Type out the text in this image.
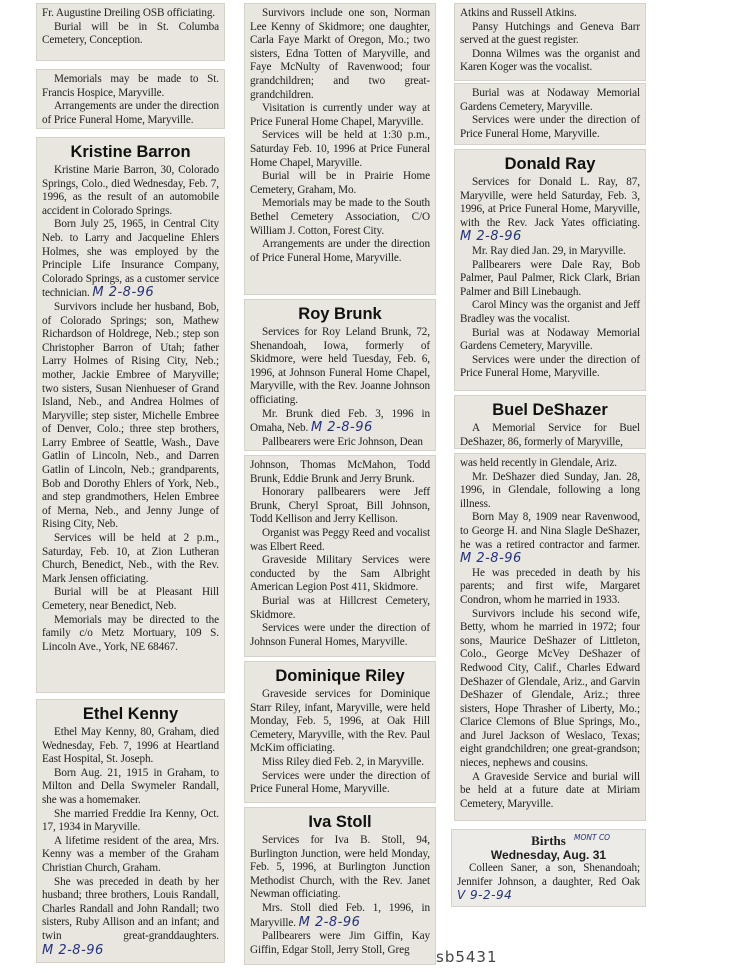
Fr. Augustine Dreiling OSB officiating.

Burial will be in St. Columba Cemetery, Conception.

Memorials may be made to St. Francis Hospice, Maryville.

Arrangements are under the direction of Price Funeral Home, Maryville.

Kristine Barron

Kristine Marie Barron, 30, Colorado Springs, Colo., died Wednesday, Feb. 7, 1996, as the result of an automobile accident in Colorado Springs.

Born July 25, 1965, in Central City Neb. to Larry and Jacqueline Ehlers Holmes, she was employed by the Principle Life Insurance Company, Colorado Springs, as a customer service technician. M 2-8-96

Survivors include her husband, Bob, of Colorado Springs; son, Mathew Richardson of Holdrege, Neb.; step son Christopher Barron of Utah; father Larry Holmes of Rising City, Neb.; mother, Jackie Embree of Maryville; two sisters, Susan Nienhueser of Grand Island, Neb., and Andrea Holmes of Maryville; step sister, Michelle Embree of Denver, Colo.; three step brothers, Larry Embree of Seattle, Wash., Dave Gatlin of Lincoln, Neb., and Darren Gatlin of Lincoln, Neb.; grandparents, Bob and Dorothy Ehlers of York, Neb., and step grandmothers, Helen Embree of Merna, Neb., and Jenny Junge of Rising City, Neb.

Services will be held at 2 p.m., Saturday, Feb. 10, at Zion Lutheran Church, Benedict, Neb., with the Rev. Mark Jensen officiating.

Burial will be at Pleasant Hill Cemetery, near Benedict, Neb.

Memorials may be directed to the family c/o Metz Mortuary, 109 S. Lincoln Ave., York, NE 68467.

Ethel Kenny

Ethel May Kenny, 80, Graham, died Wednesday, Feb. 7, 1996 at Heartland East Hospital, St. Joseph.

Born Aug. 21, 1915 in Graham, to Milton and Della Swymeler Randall, she was a homemaker.

She married Freddie Ira Kenny, Oct. 17, 1934 in Maryville.

A lifetime resident of the area, Mrs. Kenny was a member of the Graham Christian Church, Graham.

She was preceded in death by her husband; three brothers, Louis Randall, Charles Randall and John Randall; two sisters, Ruby Allison and an infant; and twin great-granddaughters. M 2-8-96

Survivors include one son, Norman Lee Kenny of Skidmore; one daughter, Carla Faye Markt of Oregon, Mo.; two sisters, Edna Totten of Maryville, and Faye McNulty of Ravenwood; four grandchildren; and two great-grandchildren.

Visitation is currently under way at Price Funeral Home Chapel, Maryville.

Services will be held at 1:30 p.m., Saturday Feb. 10, 1996 at Price Funeral Home Chapel, Maryville.

Burial will be in Prairie Home Cemetery, Graham, Mo.

Memorials may be made to the South Bethel Cemetery Association, C/O William J. Cotton, Forest City.

Arrangements are under the direction of Price Funeral Home, Maryville.

Roy Brunk

Services for Roy Leland Brunk, 72, Shenandoah, Iowa, formerly of Skidmore, were held Tuesday, Feb. 6, 1996, at Johnson Funeral Home Chapel, Maryville, with the Rev. Joanne Johnson officiating.

Mr. Brunk died Feb. 3, 1996 in Omaha, Neb. M 2-8-96

Pallbearers were Eric Johnson, Dean

Johnson, Thomas McMahon, Todd Brunk, Eddie Brunk and Jerry Brunk.

Honorary pallbearers were Jeff Brunk, Cheryl Sproat, Bill Johnson, Todd Kellison and Jerry Kellison.

Organist was Peggy Reed and vocalist was Elbert Reed.

Graveside Military Services were conducted by the Sam Albright American Legion Post 411, Skidmore.

Burial was at Hillcrest Cemetery, Skidmore.

Services were under the direction of Johnson Funeral Homes, Maryville.

Dominique Riley

Graveside services for Dominique Starr Riley, infant, Maryville, were held Monday, Feb. 5, 1996, at Oak Hill Cemetery, Maryville, with the Rev. Paul McKim officiating.

Miss Riley died Feb. 2, in Maryville.

Services were under the direction of Price Funeral Home, Maryville.

Iva Stoll

Services for Iva B. Stoll, 94, Burlington Junction, were held Monday, Feb. 5, 1996, at Burlington Junction Methodist Church, with the Rev. Janet Newman officiating.

Mrs. Stoll died Feb. 1, 1996, in Maryville. M 2-8-96

Pallbearers were Jim Giffin, Kay Giffin, Edgar Stoll, Jerry Stoll, Greg

Atkins and Russell Atkins.

Pansy Hutchings and Geneva Barr served at the guest register.

Donna Wilmes was the organist and Karen Koger was the vocalist.

Burial was at Nodaway Memorial Gardens Cemetery, Maryville.

Services were under the direction of Price Funeral Home, Maryville.

Donald Ray

Services for Donald L. Ray, 87, Maryville, were held Saturday, Feb. 3, 1996, at Price Funeral Home, Maryville, with the Rev. Jack Yates officiating. M 2-8-96

Mr. Ray died Jan. 29, in Maryville.

Pallbearers were Dale Ray, Bob Palmer, Paul Palmer, Rick Clark, Brian Palmer and Bill Linebaugh.

Carol Mincy was the organist and Jeff Bradley was the vocalist.

Burial was at Nodaway Memorial Gardens Cemetery, Maryville.

Services were under the direction of Price Funeral Home, Maryville.

Buel DeShazer

A Memorial Service for Buel DeShazer, 86, formerly of Maryville,

was held recently in Glendale, Ariz.

Mr. DeShazer died Sunday, Jan. 28, 1996, in Glendale, following a long illness.

Born May 8, 1909 near Ravenwood, to George H. and Nina Slagle DeShazer, he was a retired contractor and farmer. M 2-8-96

He was preceded in death by his parents; and first wife, Margaret Condron, whom he married in 1933.

Survivors include his second wife, Betty, whom he married in 1972; four sons, Maurice DeShazer of Littleton, Colo., George McVey DeShazer of Redwood City, Calif., Charles Edward DeShazer of Glendale, Ariz., and Garvin DeShazer of Glendale, Ariz.; three sisters, Hope Thrasher of Liberty, Mo.; Clarice Clemons of Blue Springs, Mo., and Jurel Jackson of Weslaco, Texas; eight grandchildren; one great-grandson; nieces, nephews and cousins.

A Graveside Service and burial will be held at a future date at Miriam Cemetery, Maryville.

Births	MONT CO
Wednesday, Aug. 31

Colleen Saner, a son, Shenandoah; Jennifer Johnson, a daughter, Red Oak V 9-2-94

sb5431
